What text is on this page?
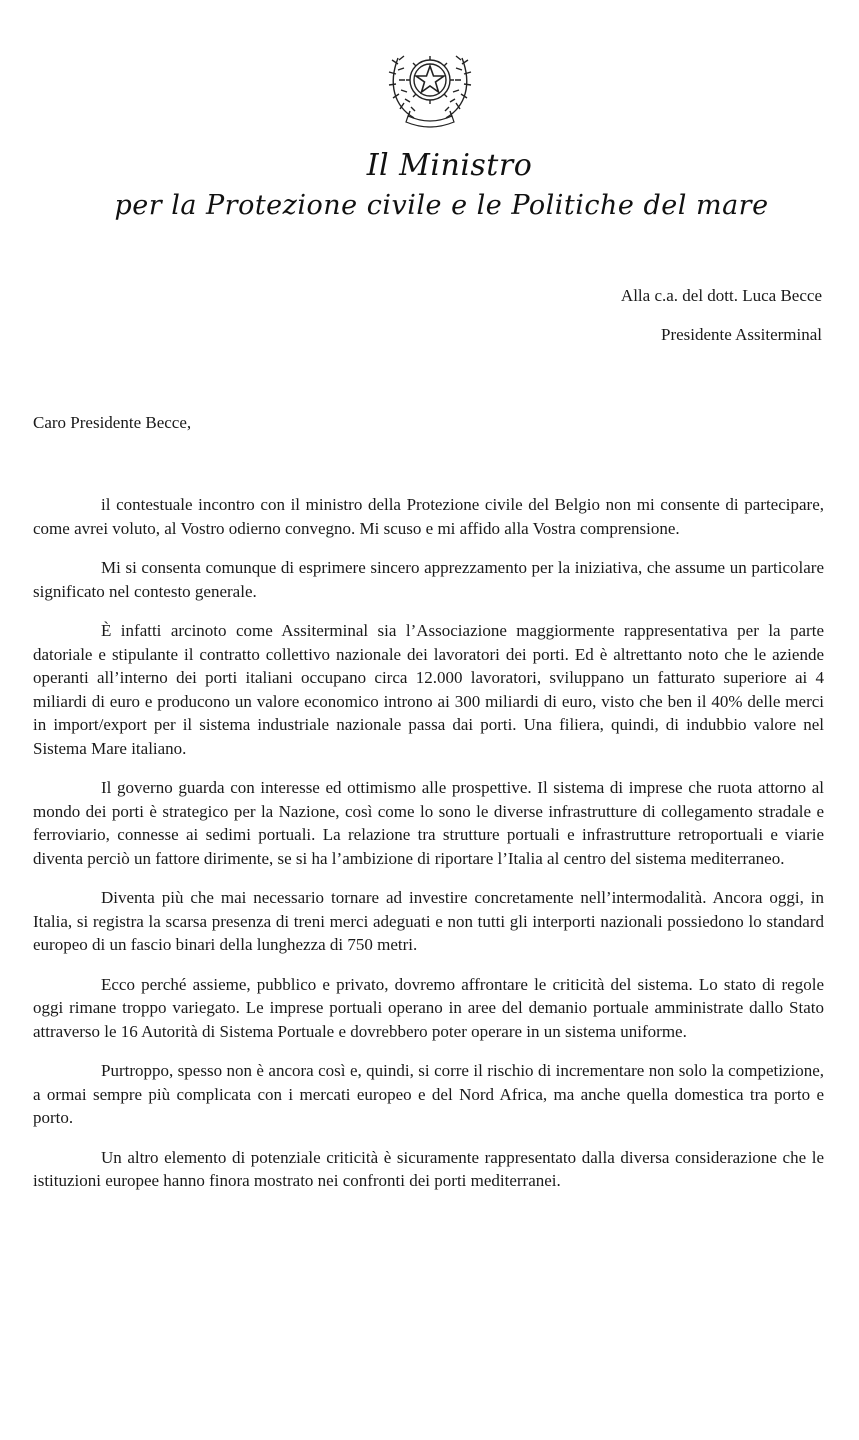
Il Ministro
per la Protezione civile e le Politiche del mare
Alla c.a. del dott. Luca Becce
Presidente Assiterminal
Caro Presidente Becce,

il contestuale incontro con il ministro della Protezione civile del Belgio non mi consente di partecipare, come avrei voluto, al Vostro odierno convegno. Mi scuso e mi affido alla Vostra comprensione.

Mi si consenta comunque di esprimere sincero apprezzamento per la iniziativa, che assume un particolare significato nel contesto generale.

È infatti arcinoto come Assiterminal sia l’Associazione maggiormente rappresentativa per la parte datoriale e stipulante il contratto collettivo nazionale dei lavoratori dei porti. Ed è altrettanto noto che le aziende operanti all’interno dei porti italiani occupano circa 12.000 lavoratori, sviluppano un fatturato superiore ai 4 miliardi di euro e producono un valore economico introno ai 300 miliardi di euro, visto che ben il 40% delle merci in import/export per il sistema industriale nazionale passa dai porti. Una filiera, quindi, di indubbio valore nel Sistema Mare italiano.

Il governo guarda con interesse ed ottimismo alle prospettive. Il sistema di imprese che ruota attorno al mondo dei porti è strategico per la Nazione, così come lo sono le diverse infrastrutture di collegamento stradale e ferroviario, connesse ai sedimi portuali. La relazione tra strutture portuali e infrastrutture retroportuali e viarie diventa perciò un fattore dirimente, se si ha l’ambizione di riportare l’Italia al centro del sistema mediterraneo.

Diventa più che mai necessario tornare ad investire concretamente nell’intermodalità. Ancora oggi, in Italia, si registra la scarsa presenza di treni merci adeguati e non tutti gli interporti nazionali possiedono lo standard europeo di un fascio binari della lunghezza di 750 metri.

Ecco perché assieme, pubblico e privato, dovremo affrontare le criticità del sistema. Lo stato di regole oggi rimane troppo variegato. Le imprese portuali operano in aree del demanio portuale amministrate dallo Stato attraverso le 16 Autorità di Sistema Portuale e dovrebbero poter operare in un sistema uniforme.

Purtroppo, spesso non è ancora così e, quindi, si corre il rischio di incrementare non solo la competizione, a ormai sempre più complicata con i mercati europeo e del Nord Africa, ma anche quella domestica tra porto e porto.

Un altro elemento di potenziale criticità è sicuramente rappresentato dalla diversa considerazione che le istituzioni europee hanno finora mostrato nei confronti dei porti mediterranei.
